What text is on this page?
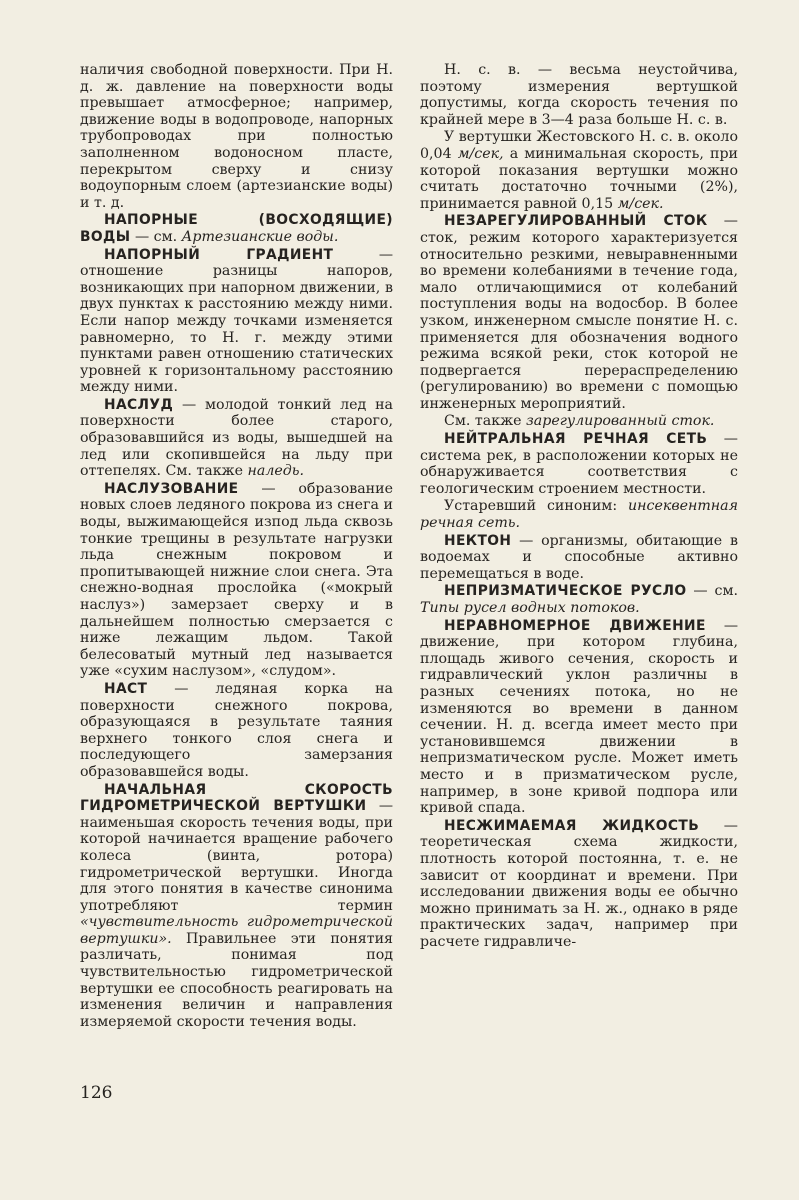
наличия свободной поверхности. При Н. д. ж. давление на поверхности воды превышает атмосферное; например, движение воды в водопроводе, напорных трубопроводах при полностью заполненном водоносном пласте, перекрытом сверху и снизу водоупорным слоем (артезианские воды) и т. д.

НАПОРНЫЕ (ВОСХОДЯЩИЕ) ВОДЫ — см. Артезианские воды.

НАПОРНЫЙ ГРАДИЕНТ — отношение разницы напоров, возникающих при напорном движении, в двух пунктах к расстоянию между ними. Если напор между точками изменяется равномерно, то Н. г. между этими пунктами равен отношению статических уровней к горизонтальному расстоянию между ними.

НАСЛУД — молодой тонкий лед на поверхности более старого, образовавшийся из воды, вышедшей на лед или скопившейся на льду при оттепелях. См. также наледь.

НАСЛУЗОВАНИЕ — образование новых слоев ледяного покрова из снега и воды, выжимающейся изпод льда сквозь тонкие трещины в результате нагрузки льда снежным покровом и пропитывающей нижние слои снега. Эта снежно-водная прослойка («мокрый наслуз») замерзает сверху и в дальнейшем полностью смерзается с ниже лежащим льдом. Такой белесоватый мутный лед называется уже «сухим наслузом», «слудом».

НАСТ — ледяная корка на поверхности снежного покрова, образующаяся в результате таяния верхнего тонкого слоя снега и последующего замерзания образовавшейся воды.

НАЧАЛЬНАЯ СКОРОСТЬ ГИДРОМЕТРИЧЕСКОЙ ВЕРТУШКИ — наименьшая скорость течения воды, при которой начинается вращение рабочего колеса (винта, ротора) гидрометрической вертушки. Иногда для этого понятия в качестве синонима употребляют термин «чувствительность гидрометрической вертушки». Правильнее эти понятия различать, понимая под чувствительностью гидрометрической вертушки ее способность реагировать на изменения величин и направления измеряемой скорости течения воды.

Н. с. в. — весьма неустойчива, поэтому измерения вертушкой допустимы, когда скорость течения по крайней мере в 3—4 раза больше Н. с. в.

У вертушки Жестовского Н. с. в. около 0,04 м/сек, а минимальная скорость, при которой показания вертушки можно считать достаточно точными (2%), принимается равной 0,15 м/сек.

НЕЗАРЕГУЛИРОВАННЫЙ СТОК — сток, режим которого характеризуется относительно резкими, невыравненными во времени колебаниями в течение года, мало отличающимися от колебаний поступления воды на водосбор. В более узком, инженерном смысле понятие Н. с. применяется для обозначения водного режима всякой реки, сток которой не подвергается перераспределению (регулированию) во времени с помощью инженерных мероприятий.

См. также зарегулированный сток.

НЕЙТРАЛЬНАЯ РЕЧНАЯ СЕТЬ — система рек, в расположении которых не обнаруживается соответствия с геологическим строением местности.

Устаревший синоним: инсеквентная речная сеть.

НЕКТОН — организмы, обитающие в водоемах и способные активно перемещаться в воде.

НЕПРИЗМАТИЧЕСКОЕ РУСЛО — см. Типы русел водных потоков.

НЕРАВНОМЕРНОЕ ДВИЖЕНИЕ — движение, при котором глубина, площадь живого сечения, скорость и гидравлический уклон различны в разных сечениях потока, но не изменяются во времени в данном сечении. Н. д. всегда имеет место при установившемся движении в непризматическом русле. Может иметь место и в призматическом русле, например, в зоне кривой подпора или кривой спада.

НЕСЖИМАЕМАЯ ЖИДКОСТЬ — теоретическая схема жидкости, плотность которой постоянна, т. е. не зависит от координат и времени. При исследовании движения воды ее обычно можно принимать за Н. ж., однако в ряде практических задач, например при расчете гидравличе-

126
